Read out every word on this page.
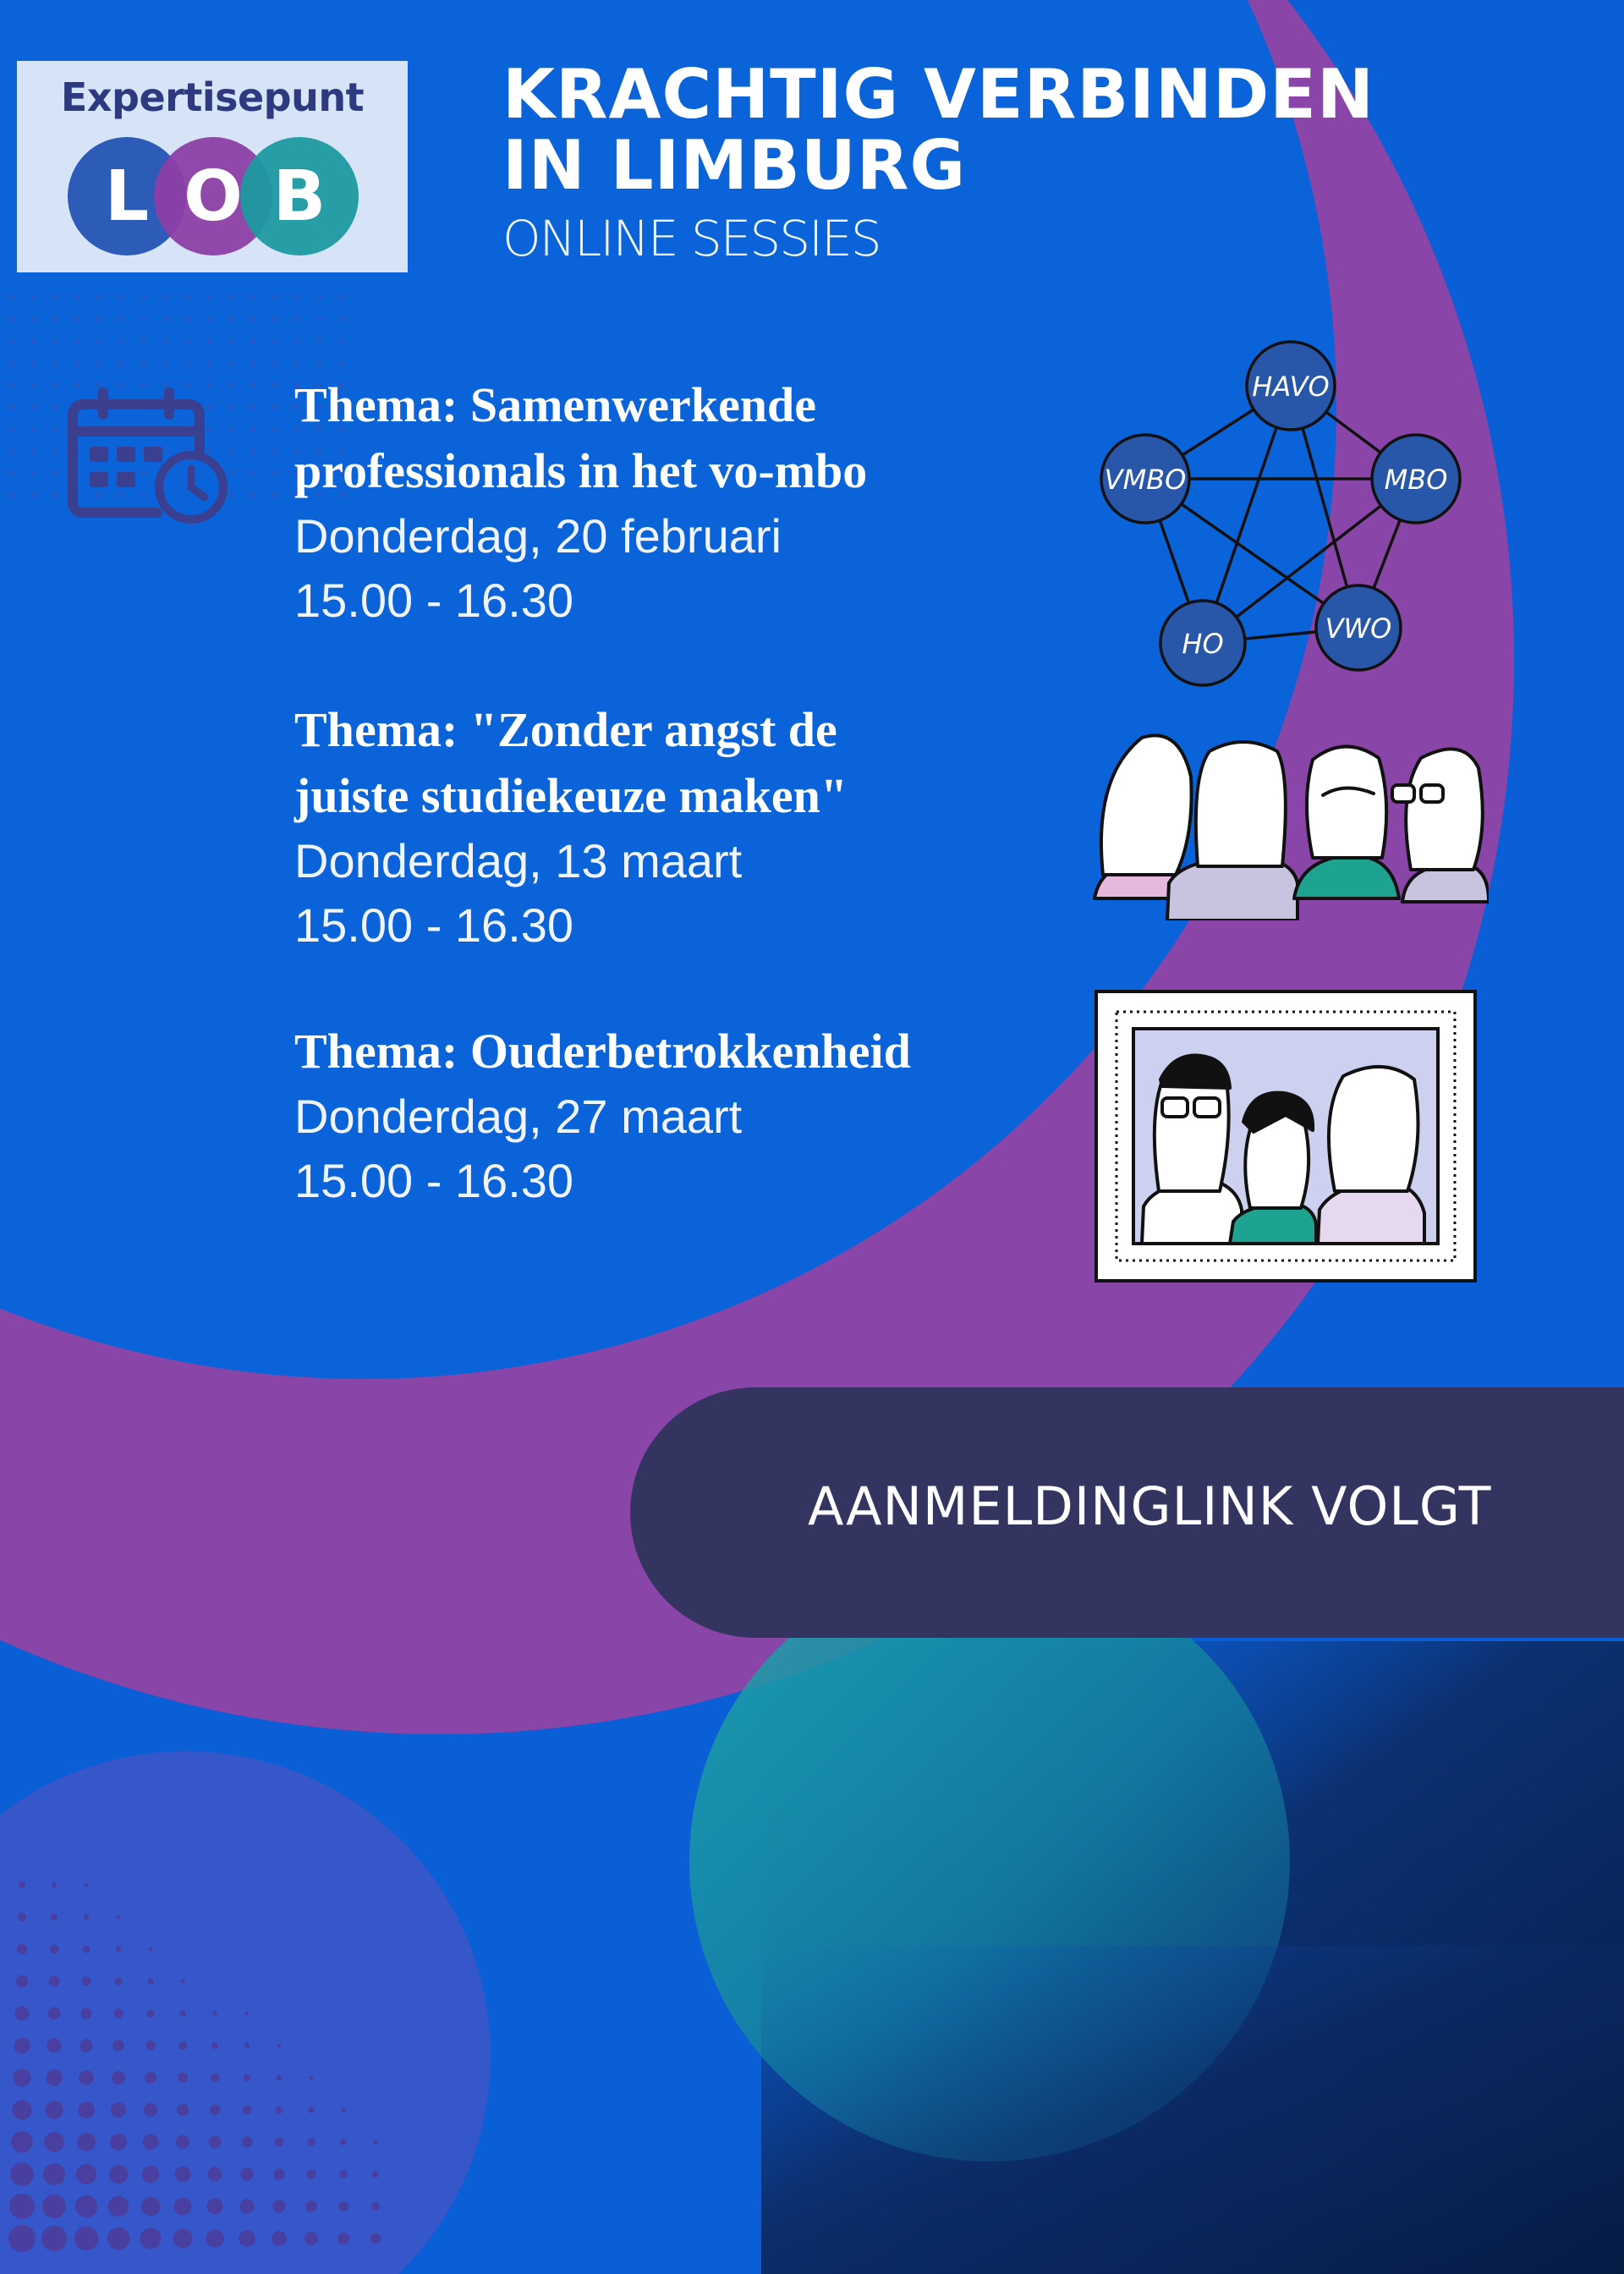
Expertisepunt
L O B
KRACHTIG VERBINDEN
IN LIMBURG
ONLINE SESSIES
Thema: Samenwerkende
professionals in het vo-mbo
Donderdag, 20 februari
15.00 - 16.30
Thema: "Zonder angst de
juiste studiekeuze maken"
Donderdag, 13 maart
15.00 - 16.30
Thema: Ouderbetrokkenheid
Donderdag, 27 maart
15.00 - 16.30
HAVO
VMBO	MBO
HO	VWO
AANMELDINGLINK VOLGT
